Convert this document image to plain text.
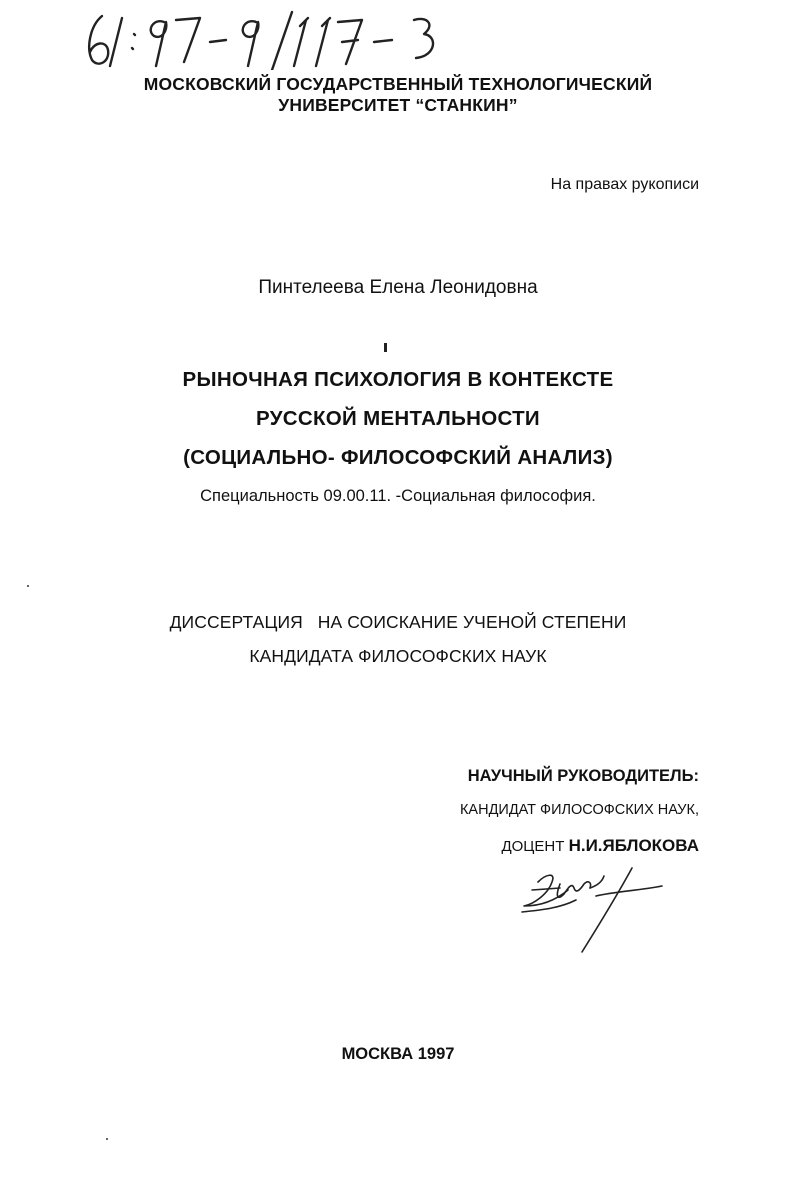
МОСКОВСКИЙ ГОСУДАРСТВЕННЫЙ ТЕХНОЛОГИЧЕСКИЙ
УНИВЕРСИТЕТ “СТАНКИН”
На правах рукописи
Пинтелеева Елена Леонидовна
РЫНОЧНАЯ ПСИХОЛОГИЯ В КОНТЕКСТЕ
РУССКОЙ МЕНТАЛЬНОСТИ
(СОЦИАЛЬНО- ФИЛОСОФСКИЙ АНАЛИЗ)
Специальность 09.00.11. -Социальная философия.
ДИССЕРТАЦИЯ   НА СОИСКАНИЕ УЧЕНОЙ СТЕПЕНИ
КАНДИДАТА ФИЛОСОФСКИХ НАУК
НАУЧНЫЙ РУКОВОДИТЕЛЬ:
КАНДИДАТ ФИЛОСОФСКИХ НАУК,
ДОЦЕНТ Н.И.ЯБЛОКОВА
МОСКВА 1997
